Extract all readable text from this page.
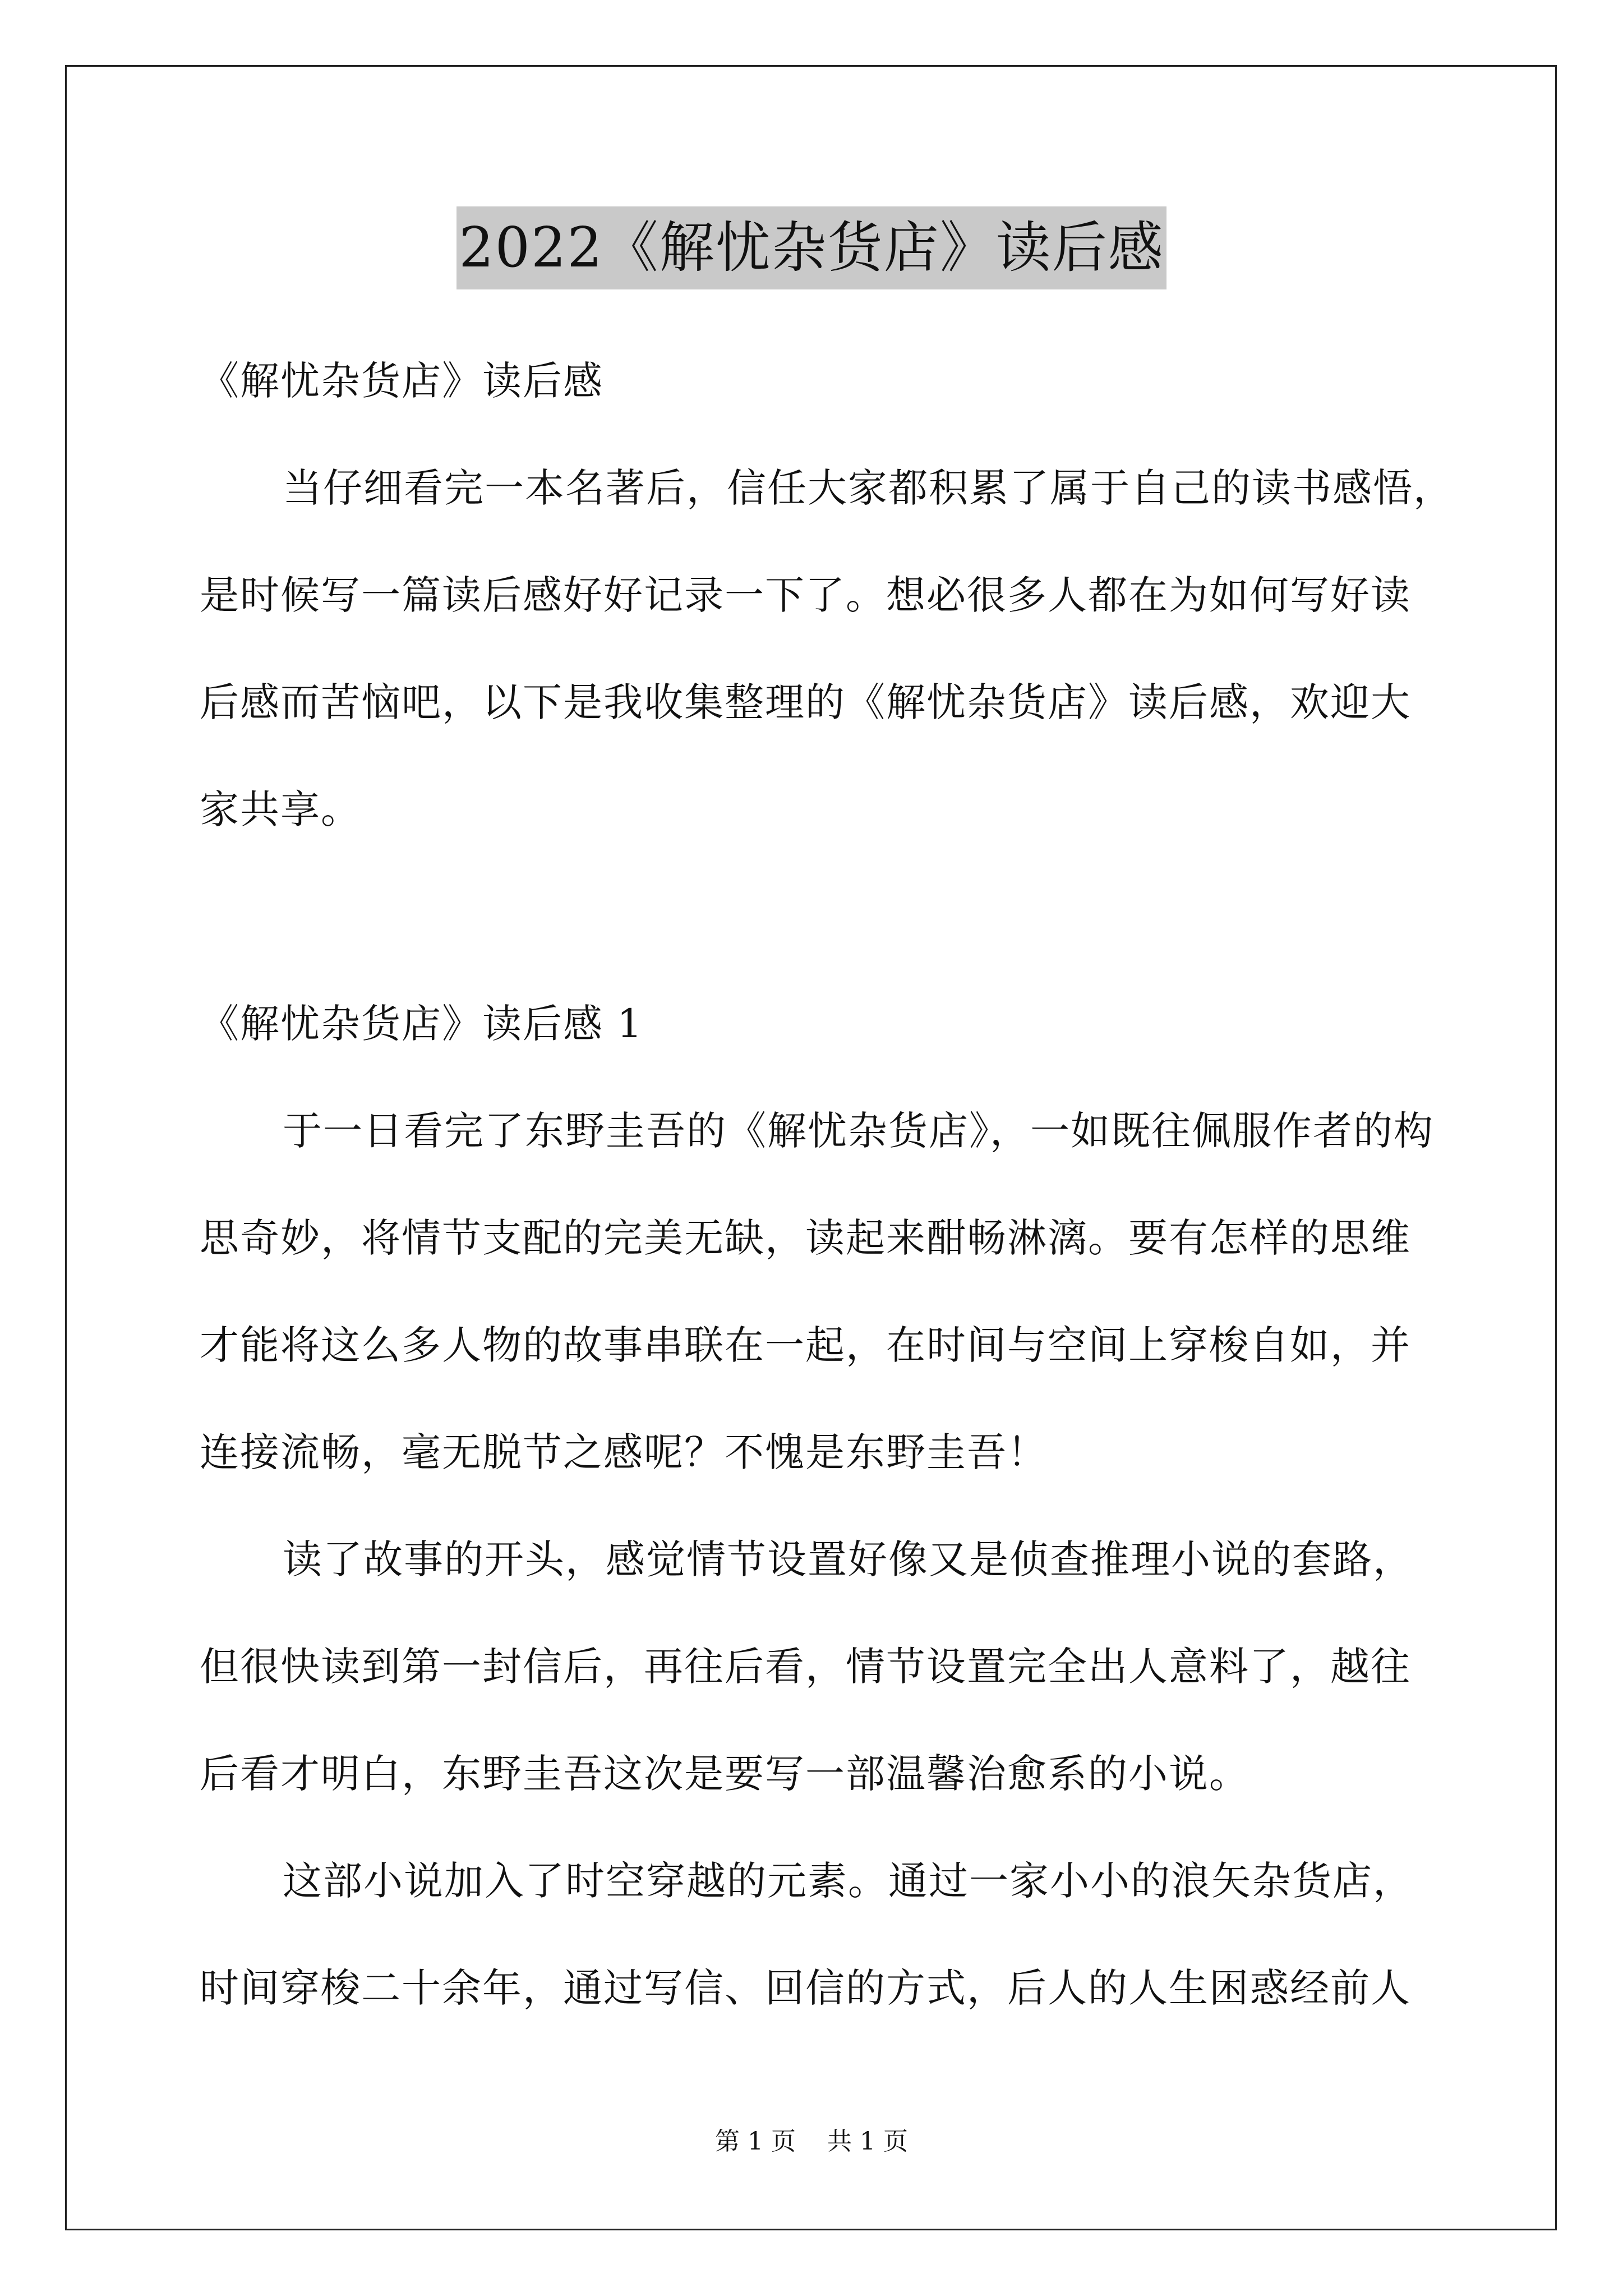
2022《解忧杂货店》读后感
《解忧杂货店》读后感
当仔细看完一本名著后，信任大家都积累了属于自己的读书感悟，
是时候写一篇读后感好好记录一下了。想必很多人都在为如何写好读
后感而苦恼吧，以下是我收集整理的《解忧杂货店》读后感，欢迎大
家共享。
《解忧杂货店》读后感 1
于一日看完了东野圭吾的《解忧杂货店》，一如既往佩服作者的构
思奇妙，将情节支配的完美无缺，读起来酣畅淋漓。要有怎样的思维
才能将这么多人物的故事串联在一起，在时间与空间上穿梭自如，并
连接流畅，毫无脱节之感呢？不愧是东野圭吾！
读了故事的开头，感觉情节设置好像又是侦查推理小说的套路，
但很快读到第一封信后，再往后看，情节设置完全出人意料了，越往
后看才明白，东野圭吾这次是要写一部温馨治愈系的小说。
这部小说加入了时空穿越的元素。通过一家小小的浪矢杂货店，
时间穿梭二十余年，通过写信、回信的方式，后人的人生困惑经前人
第 1 页 共 1 页
